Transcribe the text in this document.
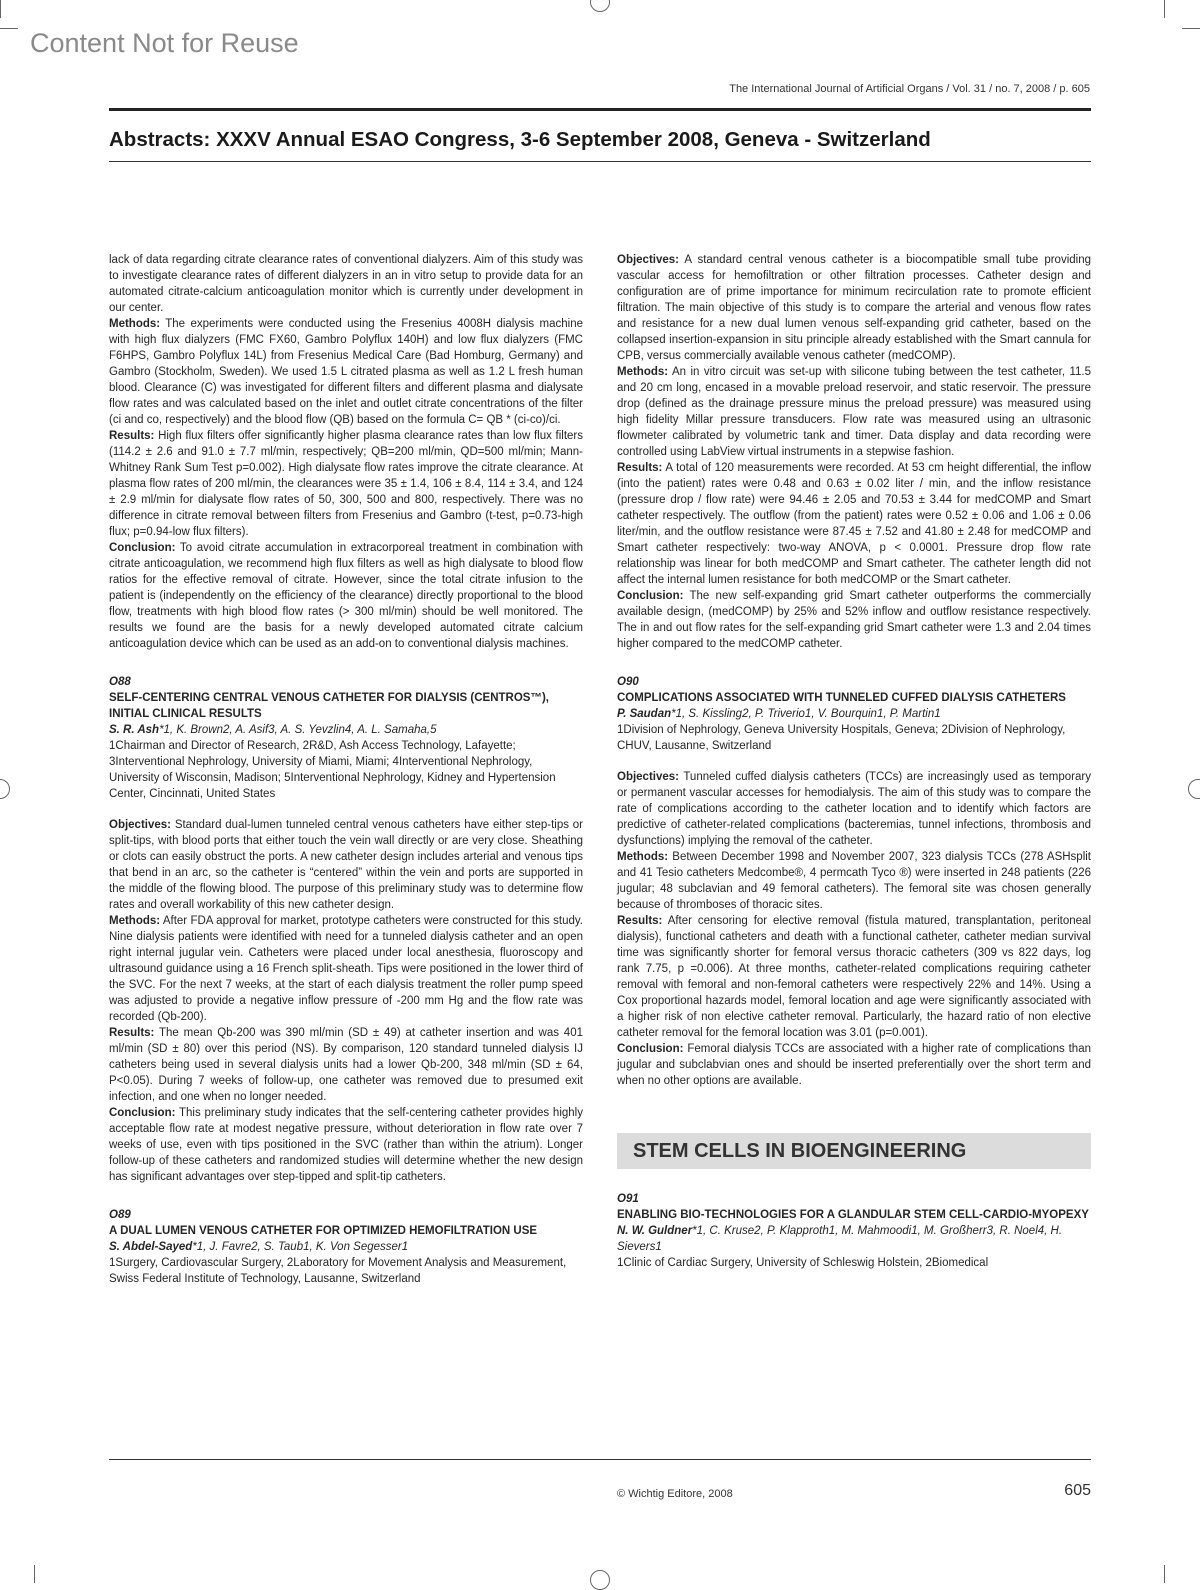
Content Not for Reuse
The International Journal of Artificial Organs / Vol. 31 / no. 7, 2008 / p. 605
Abstracts: XXXV Annual ESAO Congress, 3-6 September 2008, Geneva - Switzerland

lack of data regarding citrate clearance rates of conventional dialyzers. Aim of this study was to investigate clearance rates of different dialyzers in an in vitro setup to provide data for an automated citrate-calcium anticoagulation monitor which is currently under development in our center.

Methods: The experiments were conducted using the Fresenius 4008H dialysis machine with high flux dialyzers (FMC FX60, Gambro Polyflux 140H) and low flux dialyzers (FMC F6HPS, Gambro Polyflux 14L) from Fresenius Medical Care (Bad Homburg, Germany) and Gambro (Stockholm, Sweden). We used 1.5 L citrated plasma as well as 1.2 L fresh human blood. Clearance (C) was investigated for different filters and different plasma and dialysate flow rates and was calculated based on the inlet and outlet citrate concentrations of the filter (ci and co, respectively) and the blood flow (QB) based on the formula C= QB * (ci-co)/ci.

Results: High flux filters offer significantly higher plasma clearance rates than low flux filters (114.2 ± 2.6 and 91.0 ± 7.7 ml/min, respectively; QB=200 ml/min, QD=500 ml/min; Mann-Whitney Rank Sum Test p=0.002). High dialysate flow rates improve the citrate clearance. At plasma flow rates of 200 ml/min, the clearances were 35 ± 1.4, 106 ± 8.4, 114 ± 3.4, and 124 ± 2.9 ml/min for dialysate flow rates of 50, 300, 500 and 800, respectively. There was no difference in citrate removal between filters from Fresenius and Gambro (t-test, p=0.73-high flux; p=0.94-low flux filters).

Conclusion: To avoid citrate accumulation in extracorporeal treatment in combination with citrate anticoagulation, we recommend high flux filters as well as high dialysate to blood flow ratios for the effective removal of citrate. However, since the total citrate infusion to the patient is (independently on the efficiency of the clearance) directly proportional to the blood flow, treatments with high blood flow rates (> 300 ml/min) should be well monitored. The results we found are the basis for a newly developed automated citrate calcium anticoagulation device which can be used as an add-on to conventional dialysis machines.

O88

SELF-CENTERING CENTRAL VENOUS CATHETER FOR DIALYSIS (CENTROS™), INITIAL CLINICAL RESULTS

S. R. Ash*1, K. Brown2, A. Asif3, A. S. Yevzlin4, A. L. Samaha,5

1Chairman and Director of Research, 2R&D, Ash Access Technology, Lafayette; 3Interventional Nephrology, University of Miami, Miami; 4Interventional Nephrology, University of Wisconsin, Madison; 5Interventional Nephrology, Kidney and Hypertension Center, Cincinnati, United States

Objectives: Standard dual-lumen tunneled central venous catheters have either step-tips or split-tips, with blood ports that either touch the vein wall directly or are very close. Sheathing or clots can easily obstruct the ports. A new catheter design includes arterial and venous tips that bend in an arc, so the catheter is “centered” within the vein and ports are supported in the middle of the flowing blood. The purpose of this preliminary study was to determine flow rates and overall workability of this new catheter design.

Methods: After FDA approval for market, prototype catheters were constructed for this study. Nine dialysis patients were identified with need for a tunneled dialysis catheter and an open right internal jugular vein. Catheters were placed under local anesthesia, fluoroscopy and ultrasound guidance using a 16 French split-sheath. Tips were positioned in the lower third of the SVC. For the next 7 weeks, at the start of each dialysis treatment the roller pump speed was adjusted to provide a negative inflow pressure of -200 mm Hg and the flow rate was recorded (Qb-200).

Results: The mean Qb-200 was 390 ml/min (SD ± 49) at catheter insertion and was 401 ml/min (SD ± 80) over this period (NS). By comparison, 120 standard tunneled dialysis IJ catheters being used in several dialysis units had a lower Qb-200, 348 ml/min (SD ± 64, P<0.05). During 7 weeks of follow-up, one catheter was removed due to presumed exit infection, and one when no longer needed.

Conclusion: This preliminary study indicates that the self-centering catheter provides highly acceptable flow rate at modest negative pressure, without deterioration in flow rate over 7 weeks of use, even with tips positioned in the SVC (rather than within the atrium). Longer follow-up of these catheters and randomized studies will determine whether the new design has significant advantages over step-tipped and split-tip catheters.

O89

A DUAL LUMEN VENOUS CATHETER FOR OPTIMIZED HEMOFILTRATION USE

S. Abdel-Sayed*1, J. Favre2, S. Taub1, K. Von Segesser1

1Surgery, Cardiovascular Surgery, 2Laboratory for Movement Analysis and Measurement, Swiss Federal Institute of Technology, Lausanne, Switzerland

Objectives: A standard central venous catheter is a biocompatible small tube providing vascular access for hemofiltration or other filtration processes. Catheter design and configuration are of prime importance for minimum recirculation rate to promote efficient filtration. The main objective of this study is to compare the arterial and venous flow rates and resistance for a new dual lumen venous self-expanding grid catheter, based on the collapsed insertion-expansion in situ principle already established with the Smart cannula for CPB, versus commercially available venous catheter (medCOMP).

Methods: An in vitro circuit was set-up with silicone tubing between the test catheter, 11.5 and 20 cm long, encased in a movable preload reservoir, and static reservoir. The pressure drop (defined as the drainage pressure minus the preload pressure) was measured using high fidelity Millar pressure transducers. Flow rate was measured using an ultrasonic flowmeter calibrated by volumetric tank and timer. Data display and data recording were controlled using LabView virtual instruments in a stepwise fashion.

Results: A total of 120 measurements were recorded. At 53 cm height differential, the inflow (into the patient) rates were 0.48 and 0.63 ± 0.02 liter / min, and the inflow resistance (pressure drop / flow rate) were 94.46 ± 2.05 and 70.53 ± 3.44 for medCOMP and Smart catheter respectively. The outflow (from the patient) rates were 0.52 ± 0.06 and 1.06 ± 0.06 liter/min, and the outflow resistance were 87.45 ± 7.52 and 41.80 ± 2.48 for medCOMP and Smart catheter respectively: two-way ANOVA, p < 0.0001. Pressure drop flow rate relationship was linear for both medCOMP and Smart catheter. The catheter length did not affect the internal lumen resistance for both medCOMP or the Smart catheter.

Conclusion: The new self-expanding grid Smart catheter outperforms the commercially available design, (medCOMP) by 25% and 52% inflow and outflow resistance respectively. The in and out flow rates for the self-expanding grid Smart catheter were 1.3 and 2.04 times higher compared to the medCOMP catheter.

O90

COMPLICATIONS ASSOCIATED WITH TUNNELED CUFFED DIALYSIS CATHETERS

P. Saudan*1, S. Kissling2, P. Triverio1, V. Bourquin1, P. Martin1

1Division of Nephrology, Geneva University Hospitals, Geneva; 2Division of Nephrology, CHUV, Lausanne, Switzerland

Objectives: Tunneled cuffed dialysis catheters (TCCs) are increasingly used as temporary or permanent vascular accesses for hemodialysis. The aim of this study was to compare the rate of complications according to the catheter location and to identify which factors are predictive of catheter-related complications (bacteremias, tunnel infections, thrombosis and dysfunctions) implying the removal of the catheter.

Methods: Between December 1998 and November 2007, 323 dialysis TCCs (278 ASHsplit and 41 Tesio catheters Medcombe®, 4 permcath Tyco ®) were inserted in 248 patients (226 jugular; 48 subclavian and 49 femoral catheters). The femoral site was chosen generally because of thromboses of thoracic sites.

Results: After censoring for elective removal (fistula matured, transplantation, peritoneal dialysis), functional catheters and death with a functional catheter, catheter median survival time was significantly shorter for femoral versus thoracic catheters (309 vs 822 days, log rank 7.75, p =0.006). At three months, catheter-related complications requiring catheter removal with femoral and non-femoral catheters were respectively 22% and 14%. Using a Cox proportional hazards model, femoral location and age were significantly associated with a higher risk of non elective catheter removal. Particularly, the hazard ratio of non elective catheter removal for the femoral location was 3.01 (p=0.001).

Conclusion: Femoral dialysis TCCs are associated with a higher rate of complications than jugular and subclabvian ones and should be inserted preferentially over the short term and when no other options are available.

STEM CELLS IN BIOENGINEERING

O91

ENABLING BIO-TECHNOLOGIES FOR A GLANDULAR STEM CELL-CARDIO-MYOPEXY

N. W. Guldner*1, C. Kruse2, P. Klapproth1, M. Mahmoodi1, M. Großherr3, R. Noel4, H. Sievers1

1Clinic of Cardiac Surgery, University of Schleswig Holstein, 2Biomedical

© Wichtig Editore, 2008	605
